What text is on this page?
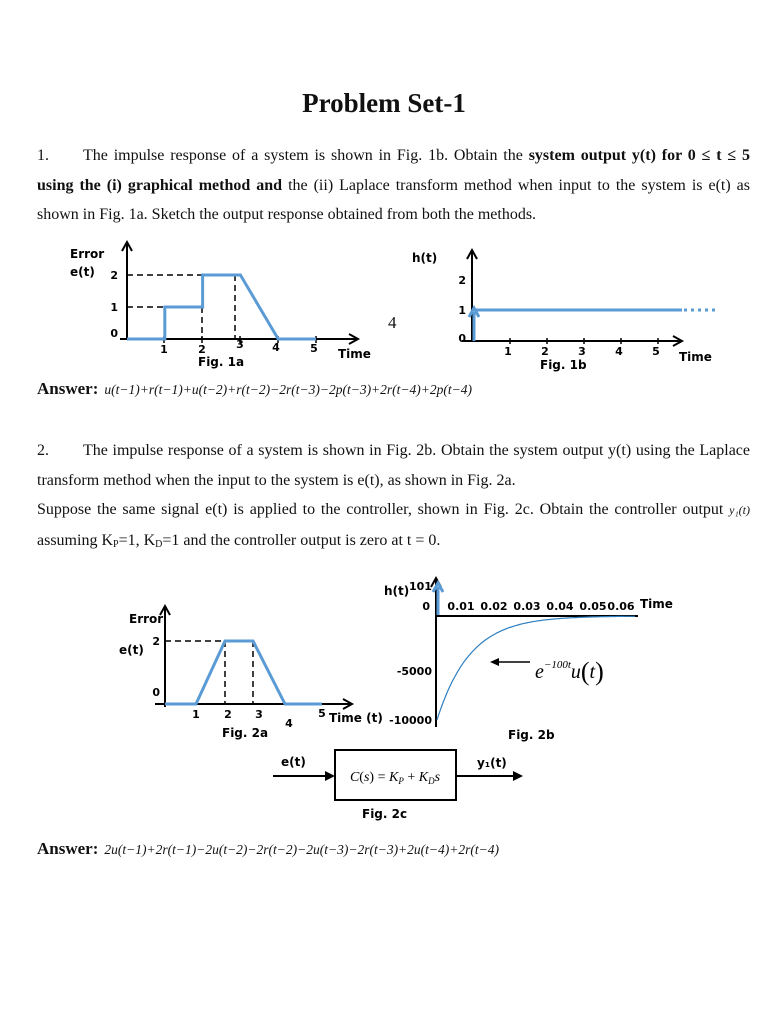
Problem Set-1
1. The impulse response of a system is shown in Fig. 1b. Obtain the system output y(t) for 0 ≤ t ≤ 5 using the (i) graphical method and the (ii) Laplace transform method when input to the system is e(t) as shown in Fig. 1a. Sketch the output response obtained from both the methods.
Error
e(t) 2
1
0
1	2	3	4	5 Time
Fig. 1a
4
h(t)
2
1
0
1	2	3	4	5 Time
Fig. 1b
Answer: u(t−1)+r(t−1)+u(t−2)+r(t−2)−2r(t−3)−2p(t−3)+2r(t−4)+2p(t−4)
2. The impulse response of a system is shown in Fig. 2b. Obtain the system output y(t) using the Laplace transform method when the input to the system is e(t), as shown in Fig. 2a.
Suppose the same signal e(t) is applied to the controller, shown in Fig. 2c. Obtain the controller output y₁(t) assuming $K_P=1$, $K_D=1$ and the controller output is zero at t = 0.
Error
e(t)
2
0
1 2 3
4
5 Time (t)
Fig. 2a
h(t) 101
0
-5000
-10000
0.01 0.02 0.03 0.04 0.05 0.06 Time
$e^{-100t}u(t)$
Fig. 2b
e(t)	y₁(t)
$C(s) = K_P + K_Ds$
Fig. 2c
Answer: 2u(t−1)+2r(t−1)−2u(t−2)−2r(t−2)−2u(t−3)−2r(t−3)+2u(t−4)+2r(t−4)
